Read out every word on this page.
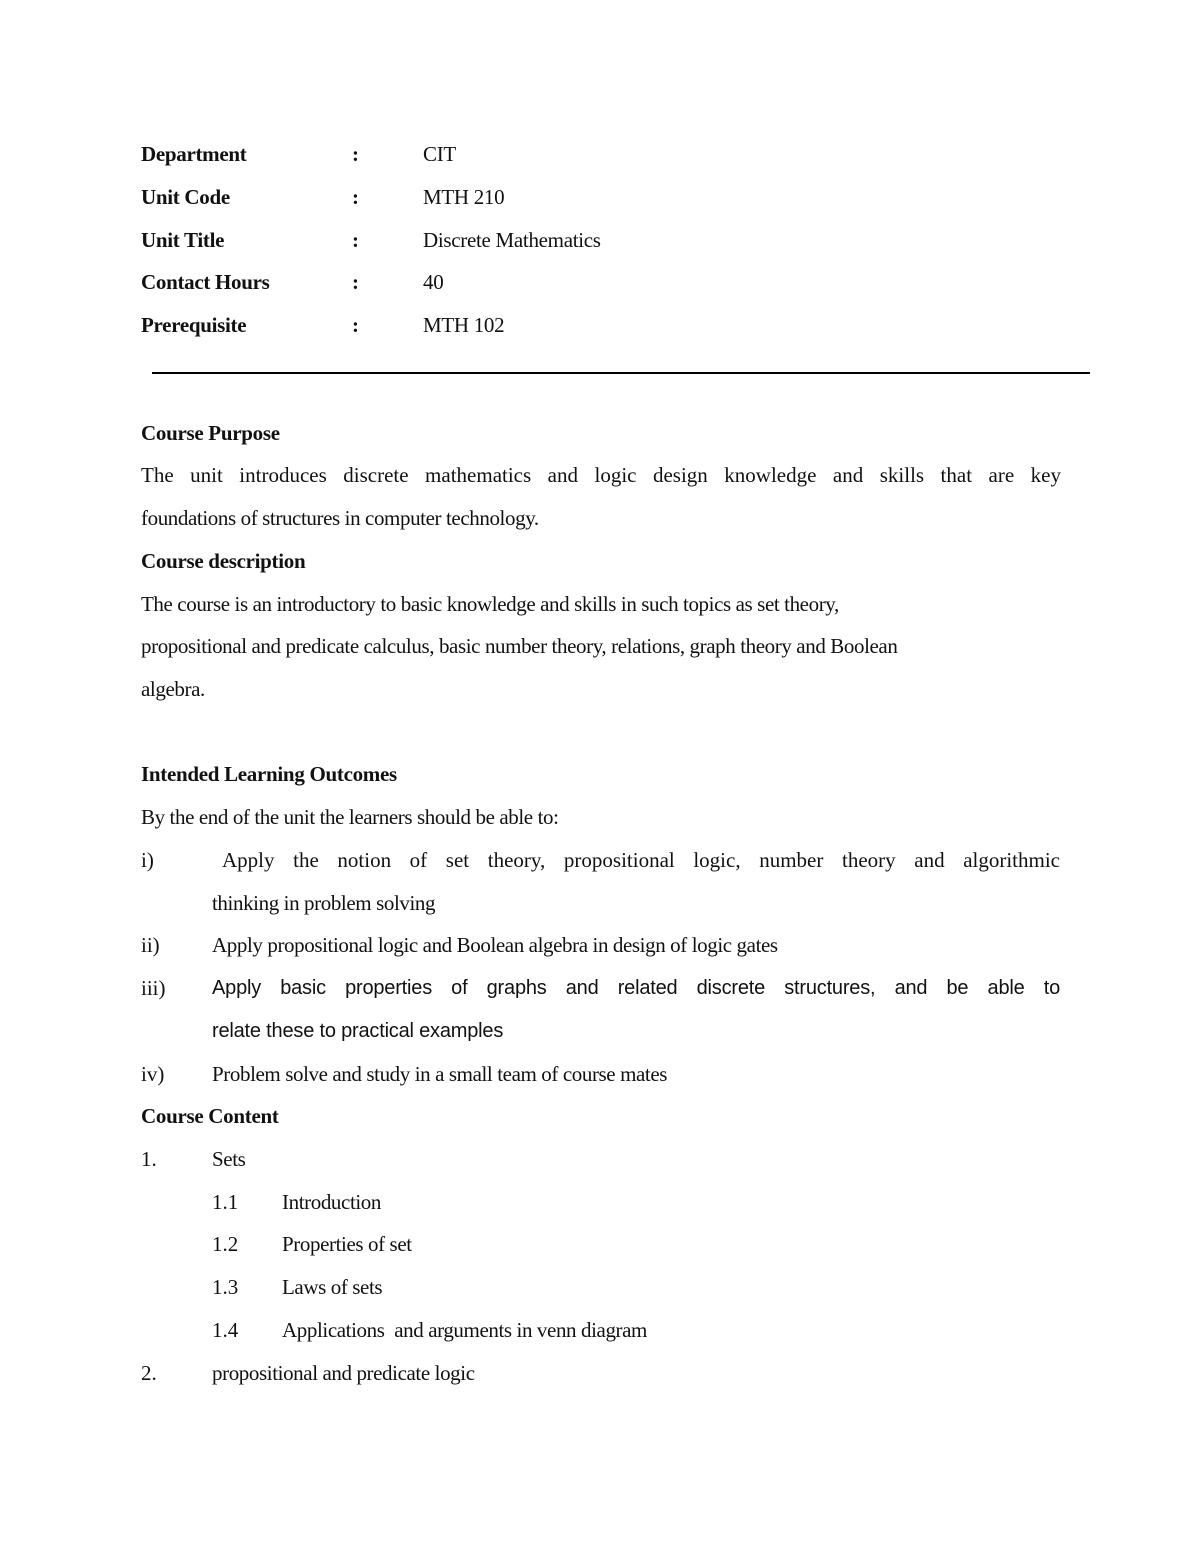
Department	:	CIT
Unit Code	:	MTH 210
Unit Title	:	Discrete Mathematics
Contact Hours	:	40
Prerequisite	:	MTH 102
Course Purpose
The unit introduces discrete mathematics and logic design knowledge and skills that are key
foundations of structures in computer technology.
Course description
The course is an introductory to basic knowledge and skills in such topics as set theory,
propositional and predicate calculus, basic number theory, relations, graph theory and Boolean
algebra.
Intended Learning Outcomes
By the end of the unit the learners should be able to:
i)	Apply the notion of set theory, propositional logic, number theory and algorithmic
thinking in problem solving
ii) Apply propositional logic and Boolean algebra in design of logic gates
iii) Apply basic properties of graphs and related discrete structures, and be able to
relate these to practical examples
iv) Problem solve and study in a small team of course mates
Course Content
1.	Sets
1.1 Introduction
1.2 Properties of set
1.3 Laws of sets
1.4 Applications  and arguments in venn diagram
2.	propositional and predicate logic
